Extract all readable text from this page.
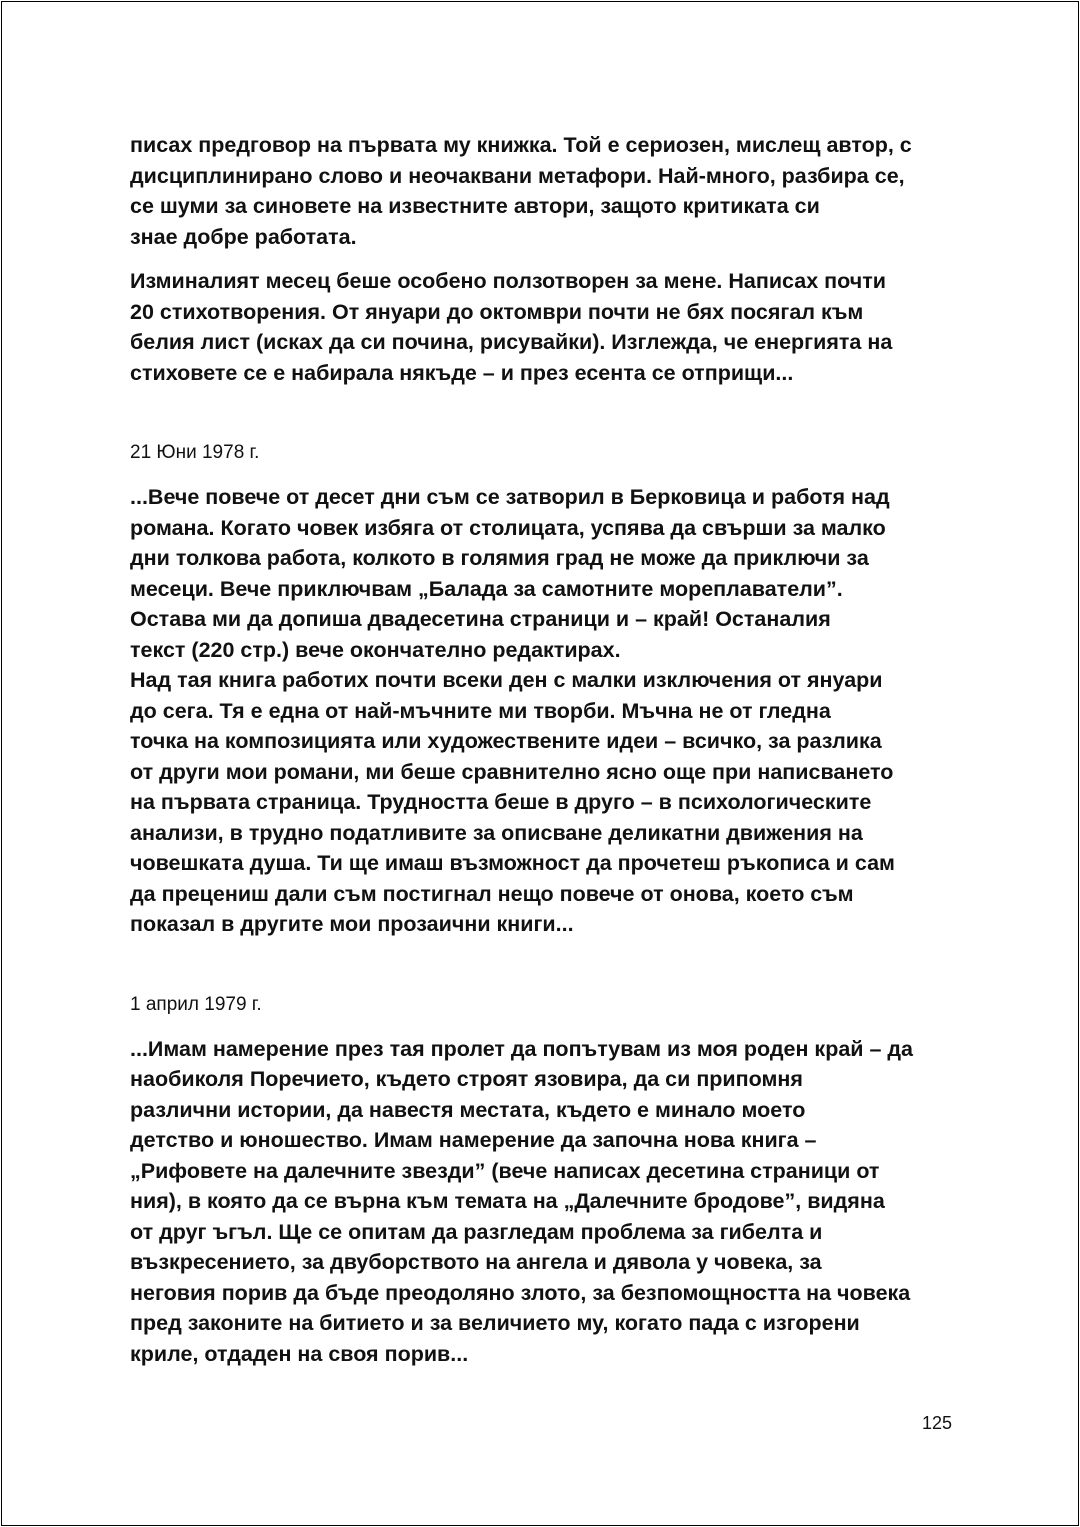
писах предговор на първата му книжка. Той е сериозен, мислещ автор, с
дисциплинирано слово и неочаквани метафори. Най-много, разбира се,
се шуми за синовете на известните автори, защото критиката си
знае добре работата.

Изминалият месец беше особено ползотворен за мене. Написах почти
20 стихотворения. От януари до октомври почти не бях посягал към
белия лист (исках да си почина, рисувайки). Изглежда, че енергията на
стиховете се е набирала някъде – и през есента се отприщи...

21 Юни 1978 г.

...Вече повече от десет дни съм се затворил в Берковица и работя над
романа. Когато човек избяга от столицата, успява да свърши за малко
дни толкова работа, колкото в голямия град не може да приключи за
месеци. Вече приключвам „Балада за самотните мореплаватели”.
Остава ми да допиша двадесетина страници и – край! Останалия
текст (220 стр.) вече окончателно редактирах.
Над тая книга работих почти всеки ден с малки изключения от януари
до сега. Тя е една от най-мъчните ми творби. Мъчна не от гледна
точка на композицията или художествените идеи – всичко, за разлика
от други мои романи, ми беше сравнително ясно още при написването
на първата страница. Трудността беше в друго – в психологическите
анализи, в трудно податливите за описване деликатни движения на
човешката душа. Ти ще имаш възможност да прочетеш ръкописа и сам
да прецениш дали съм постигнал нещо повече от онова, което съм
показал в другите мои прозаични книги...

1 април 1979 г.

...Имам намерение през тая пролет да попътувам из моя роден край – да
наобиколя Поречието, където строят язовира, да си припомня
различни истории, да навестя местата, където е минало моето
детство и юношество. Имам намерение да започна нова книга –
„Рифовете на далечните звезди” (вече написах десетина страници от
ния), в която да се върна към темата на „Далечните бродове”, видяна
от друг ъгъл. Ще се опитам да разгледам проблема за гибелта и
възкресението, за двуборството на ангела и дявола у човека, за
неговия порив да бъде преодоляно злото, за безпомощността на човека
пред законите на битието и за величието му, когато пада с изгорени
криле, отдаден на своя порив...

125
